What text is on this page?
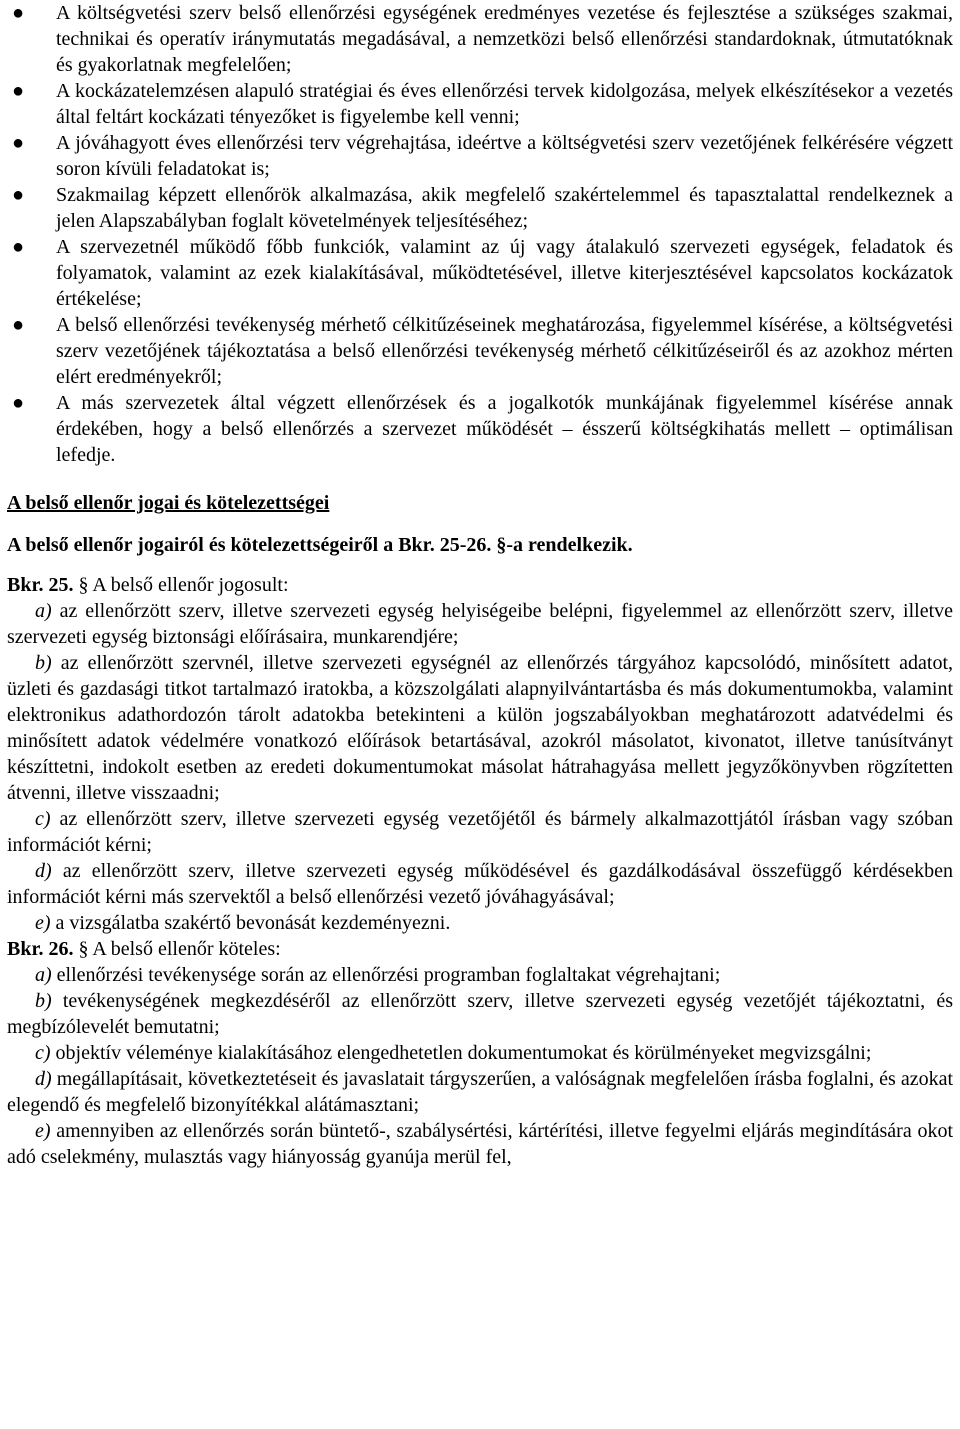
● A költségvetési szerv belső ellenőrzési egységének eredményes vezetése és fejlesztése a szükséges szakmai, technikai és operatív iránymutatás megadásával, a nemzetközi belső ellenőrzési standardoknak, útmutatóknak és gyakorlatnak megfelelően;
● A kockázatelemzésen alapuló stratégiai és éves ellenőrzési tervek kidolgozása, melyek elkészítésekor a vezetés által feltárt kockázati tényezőket is figyelembe kell venni;
● A jóváhagyott éves ellenőrzési terv végrehajtása, ideértve a költségvetési szerv vezetőjének felkérésére végzett soron kívüli feladatokat is;
● Szakmailag képzett ellenőrök alkalmazása, akik megfelelő szakértelemmel és tapasztalattal rendelkeznek a jelen Alapszabályban foglalt követelmények teljesítéséhez;
● A szervezetnél működő főbb funkciók, valamint az új vagy átalakuló szervezeti egységek, feladatok és folyamatok, valamint az ezek kialakításával, működtetésével, illetve kiterjesztésével kapcsolatos kockázatok értékelése;
● A belső ellenőrzési tevékenység mérhető célkitűzéseinek meghatározása, figyelemmel kísérése, a költségvetési szerv vezetőjének tájékoztatása a belső ellenőrzési tevékenység mérhető célkitűzéseiről és az azokhoz mérten elért eredményekről;
● A más szervezetek által végzett ellenőrzések és a jogalkotók munkájának figyelemmel kísérése annak érdekében, hogy a belső ellenőrzés a szervezet működését – ésszerű költségkihatás mellett – optimálisan lefedje.
A belső ellenőr jogai és kötelezettségei
A belső ellenőr jogairól és kötelezettségeiről a Bkr. 25-26. §-a rendelkezik.
Bkr. 25. § A belső ellenőr jogosult:
a) az ellenőrzött szerv, illetve szervezeti egység helyiségeibe belépni, figyelemmel az ellenőrzött szerv, illetve szervezeti egység biztonsági előírásaira, munkarendjére;
b) az ellenőrzött szervnél, illetve szervezeti egységnél az ellenőrzés tárgyához kapcsolódó, minősített adatot, üzleti és gazdasági titkot tartalmazó iratokba, a közszolgálati alapnyilvántartásba és más dokumentumokba, valamint elektronikus adathordozón tárolt adatokba betekinteni a külön jogszabályokban meghatározott adatvédelmi és minősített adatok védelmére vonatkozó előírások betartásával, azokról másolatot, kivonatot, illetve tanúsítványt készíttetni, indokolt esetben az eredeti dokumentumokat másolat hátrahagyása mellett jegyzőkönyvben rögzítetten átvenni, illetve visszaadni;
c) az ellenőrzött szerv, illetve szervezeti egység vezetőjétől és bármely alkalmazottjától írásban vagy szóban információt kérni;
d) az ellenőrzött szerv, illetve szervezeti egység működésével és gazdálkodásával összefüggő kérdésekben információt kérni más szervektől a belső ellenőrzési vezető jóváhagyásával;
e) a vizsgálatba szakértő bevonását kezdeményezni.
Bkr. 26. § A belső ellenőr köteles:
a) ellenőrzési tevékenysége során az ellenőrzési programban foglaltakat végrehajtani;
b) tevékenységének megkezdéséről az ellenőrzött szerv, illetve szervezeti egység vezetőjét tájékoztatni, és megbízólevelét bemutatni;
c) objektív véleménye kialakításához elengedhetetlen dokumentumokat és körülményeket megvizsgálni;
d) megállapításait, következtetéseit és javaslatait tárgyszerűen, a valóságnak megfelelően írásba foglalni, és azokat elegendő és megfelelő bizonyítékkal alátámasztani;
e) amennyiben az ellenőrzés során büntető-, szabálysértési, kártérítési, illetve fegyelmi eljárás megindítására okot adó cselekmény, mulasztás vagy hiányosság gyanúja merül fel,
